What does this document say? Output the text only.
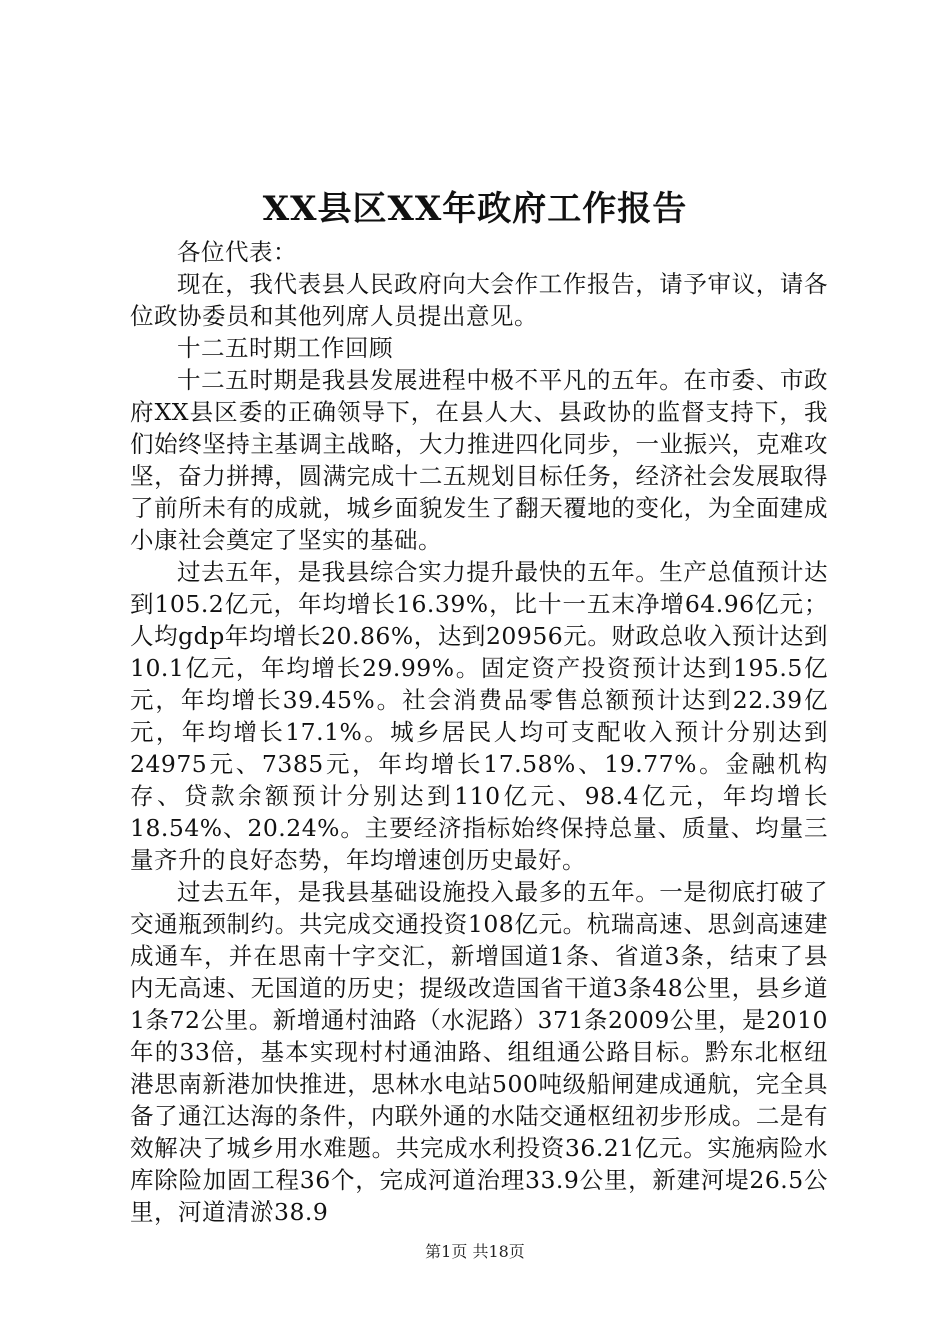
XX县区XX年政府工作报告

各位代表：

现在，我代表县人民政府向大会作工作报告，请予审议，请各位政协委员和其他列席人员提出意见。

十二五时期工作回顾

十二五时期是我县发展进程中极不平凡的五年。在市委、市政府XX县区委的正确领导下，在县人大、县政协的监督支持下，我们始终坚持主基调主战略，大力推进四化同步，一业振兴，克难攻坚，奋力拼搏，圆满完成十二五规划目标任务，经济社会发展取得了前所未有的成就，城乡面貌发生了翻天覆地的变化，为全面建成小康社会奠定了坚实的基础。

过去五年，是我县综合实力提升最快的五年。生产总值预计达到105.2亿元，年均增长16.39%，比十一五末净增64.96亿元；人均gdp年均增长20.86%，达到20956元。财政总收入预计达到10.1亿元，年均增长29.99%。固定资产投资预计达到195.5亿元，年均增长39.45%。社会消费品零售总额预计达到22.39亿元，年均增长17.1%。城乡居民人均可支配收入预计分别达到24975元、7385元，年均增长17.58%、19.77%。金融机构存、贷款余额预计分别达到110亿元、98.4亿元，年均增长18.54%、20.24%。主要经济指标始终保持总量、质量、均量三量齐升的良好态势，年均增速创历史最好。

过去五年，是我县基础设施投入最多的五年。一是彻底打破了交通瓶颈制约。共完成交通投资108亿元。杭瑞高速、思剑高速建成通车，并在思南十字交汇，新增国道1条、省道3条，结束了县内无高速、无国道的历史；提级改造国省干道3条48公里，县乡道1条72公里。新增通村油路（水泥路）371条2009公里，是2010年的33倍，基本实现村村通油路、组组通公路目标。黔东北枢纽港思南新港加快推进，思林水电站500吨级船闸建成通航，完全具备了通江达海的条件，内联外通的水陆交通枢纽初步形成。二是有效解决了城乡用水难题。共完成水利投资36.21亿元。实施病险水库除险加固工程36个，完成河道治理33.9公里，新建河堤26.5公里，河道清淤38.9

第1页 共18页
